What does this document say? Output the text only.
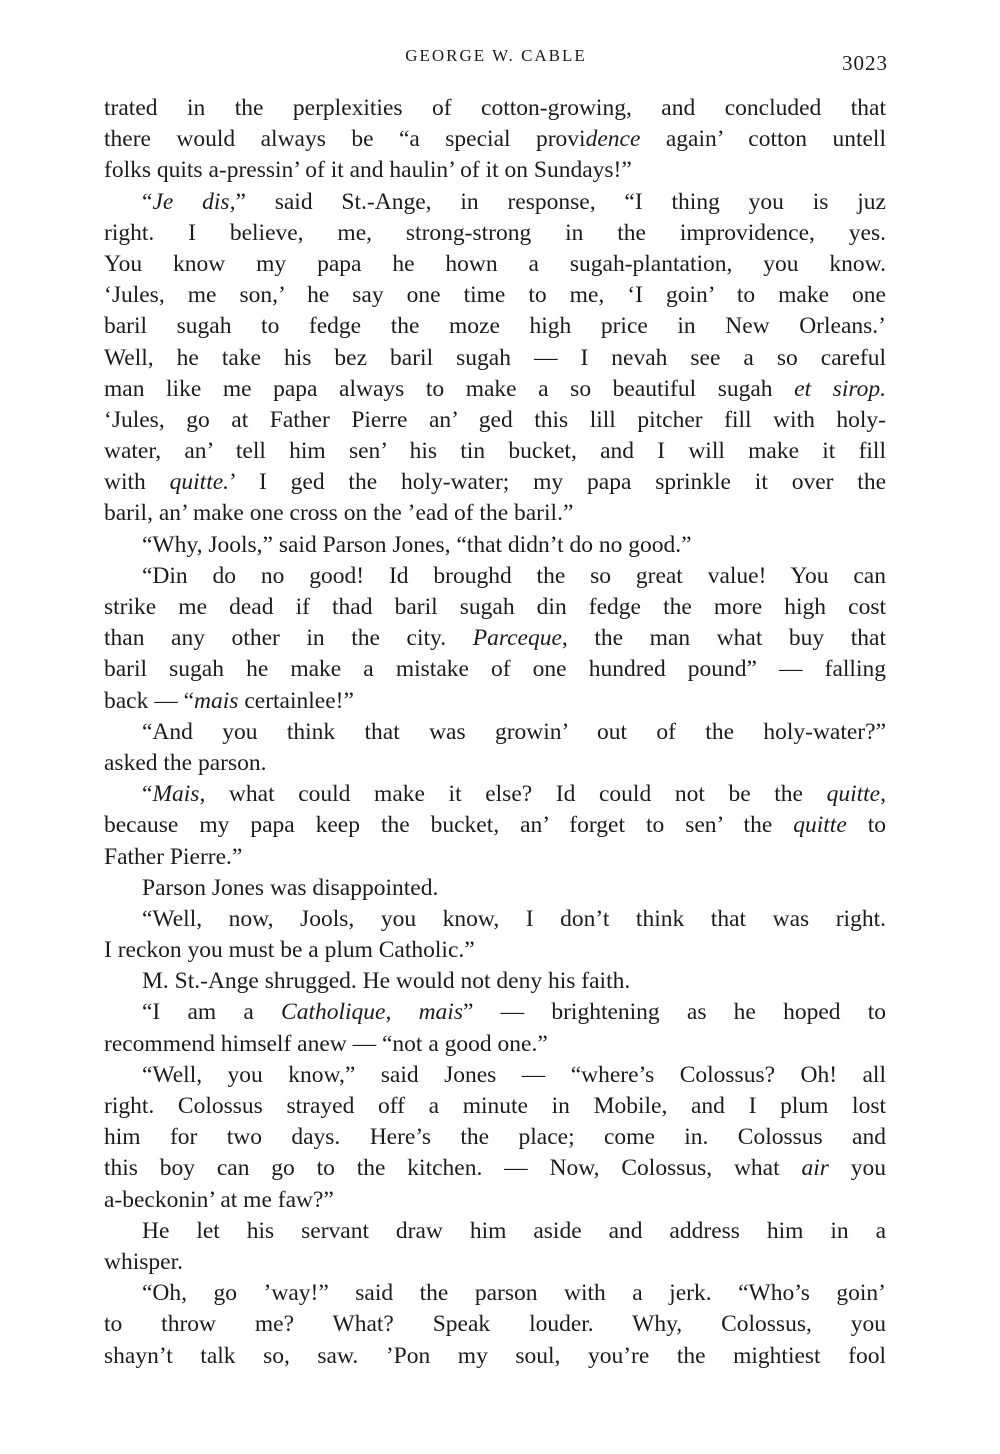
GEORGE W. CABLE	3023
trated in the perplexities of cotton-growing, and concluded that
there would always be “a special providence again’ cotton untell
folks quits a-pressin’ of it and haulin’ of it on Sundays!”
“Je dis,” said St.-Ange, in response, “I thing you is juz
right. I believe, me, strong-strong in the improvidence, yes.
You know my papa he hown a sugah-plantation, you know.
‘Jules, me son,’ he say one time to me, ‘I goin’ to make one
baril sugah to fedge the moze high price in New Orleans.’
Well, he take his bez baril sugah — I nevah see a so careful
man like me papa always to make a so beautiful sugah et sirop.
‘Jules, go at Father Pierre an’ ged this lill pitcher fill with holy-
water, an’ tell him sen’ his tin bucket, and I will make it fill
with quitte.’ I ged the holy-water; my papa sprinkle it over the
baril, an’ make one cross on the ’ead of the baril.”
“Why, Jools,” said Parson Jones, “that didn’t do no good.”
“Din do no good! Id broughd the so great value! You can
strike me dead if thad baril sugah din fedge the more high cost
than any other in the city. Parceque, the man what buy that
baril sugah he make a mistake of one hundred pound” — falling
back — “mais certainlee!”
“And you think that was growin’ out of the holy-water?”
asked the parson.
“Mais, what could make it else? Id could not be the quitte,
because my papa keep the bucket, an’ forget to sen’ the quitte to
Father Pierre.”
Parson Jones was disappointed.
“Well, now, Jools, you know, I don’t think that was right.
I reckon you must be a plum Catholic.”
M. St.-Ange shrugged. He would not deny his faith.
“I am a Catholique, mais” — brightening as he hoped to
recommend himself anew — “not a good one.”
“Well, you know,” said Jones — “where’s Colossus? Oh! all
right. Colossus strayed off a minute in Mobile, and I plum lost
him for two days. Here’s the place; come in. Colossus and
this boy can go to the kitchen. — Now, Colossus, what air you
a-beckonin’ at me faw?”
He let his servant draw him aside and address him in a
whisper.
“Oh, go ’way!” said the parson with a jerk. “Who’s goin’
to throw me? What? Speak louder. Why, Colossus, you
shayn’t talk so, saw. ’Pon my soul, you’re the mightiest fool
